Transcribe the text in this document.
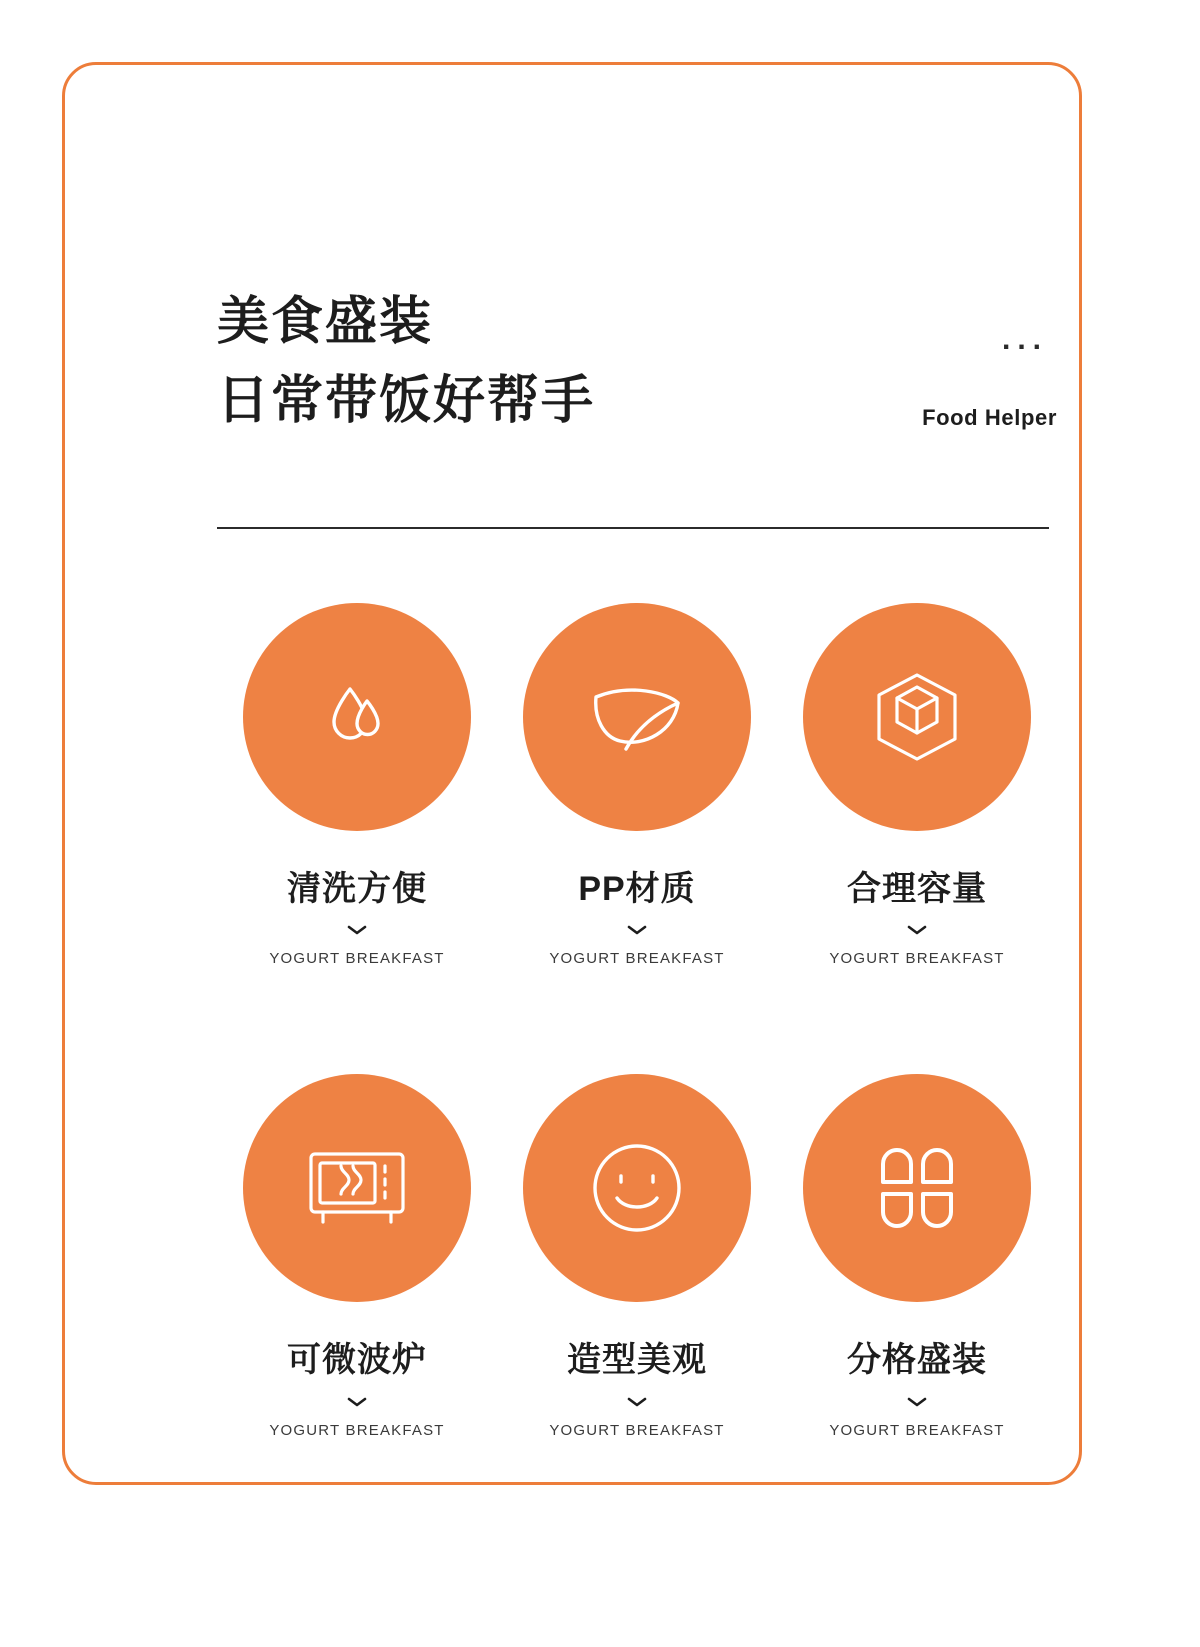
美食盛装
日常带饭好帮手
...
Food Helper
清洗方便
YOGURT BREAKFAST
PP材质
YOGURT BREAKFAST
合理容量
YOGURT BREAKFAST
可微波炉
YOGURT BREAKFAST
造型美观
YOGURT BREAKFAST
分格盛装
YOGURT BREAKFAST
